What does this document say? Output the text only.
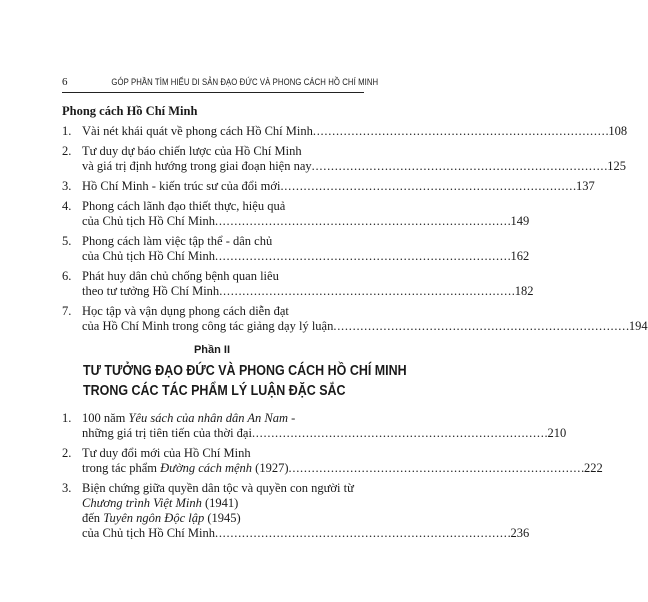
6	GÓP PHẦN TÌM HIỂU DI SẢN ĐẠO ĐỨC VÀ PHONG CÁCH HỒ CHÍ MINH
Phong cách Hồ Chí Minh
1. Vài nét khái quát về phong cách Hồ Chí Minh . . .	108
2. Tư duy dự báo chiến lược của Hồ Chí Minh
và giá trị định hướng trong giai đoạn hiện nay . . .	125
3. Hồ Chí Minh - kiến trúc sư của đổi mới . . .	137
4. Phong cách lãnh đạo thiết thực, hiệu quả
của Chủ tịch Hồ Chí Minh . . .	149
5. Phong cách làm việc tập thể - dân chủ
của Chủ tịch Hồ Chí Minh . . .	162
6. Phát huy dân chủ chống bệnh quan liêu
theo tư tưởng Hồ Chí Minh . . .	182
7. Học tập và vận dụng phong cách diễn đạt
của Hồ Chí Minh trong công tác giảng dạy lý luận . . .	194
Phần II
TƯ TƯỞNG ĐẠO ĐỨC VÀ PHONG CÁCH HỒ CHÍ MINH
TRONG CÁC TÁC PHẨM LÝ LUẬN ĐẶC SẮC
1. 100 năm Yêu sách của nhân dân An Nam -
những giá trị tiên tiến của thời đại . . .	210
2. Tư duy đổi mới của Hồ Chí Minh
trong tác phẩm Đường cách mệnh (1927) . . .	222
3. Biện chứng giữa quyền dân tộc và quyền con người từ
Chương trình Việt Minh (1941)
đến Tuyên ngôn Độc lập (1945)
của Chủ tịch Hồ Chí Minh . . .	236
